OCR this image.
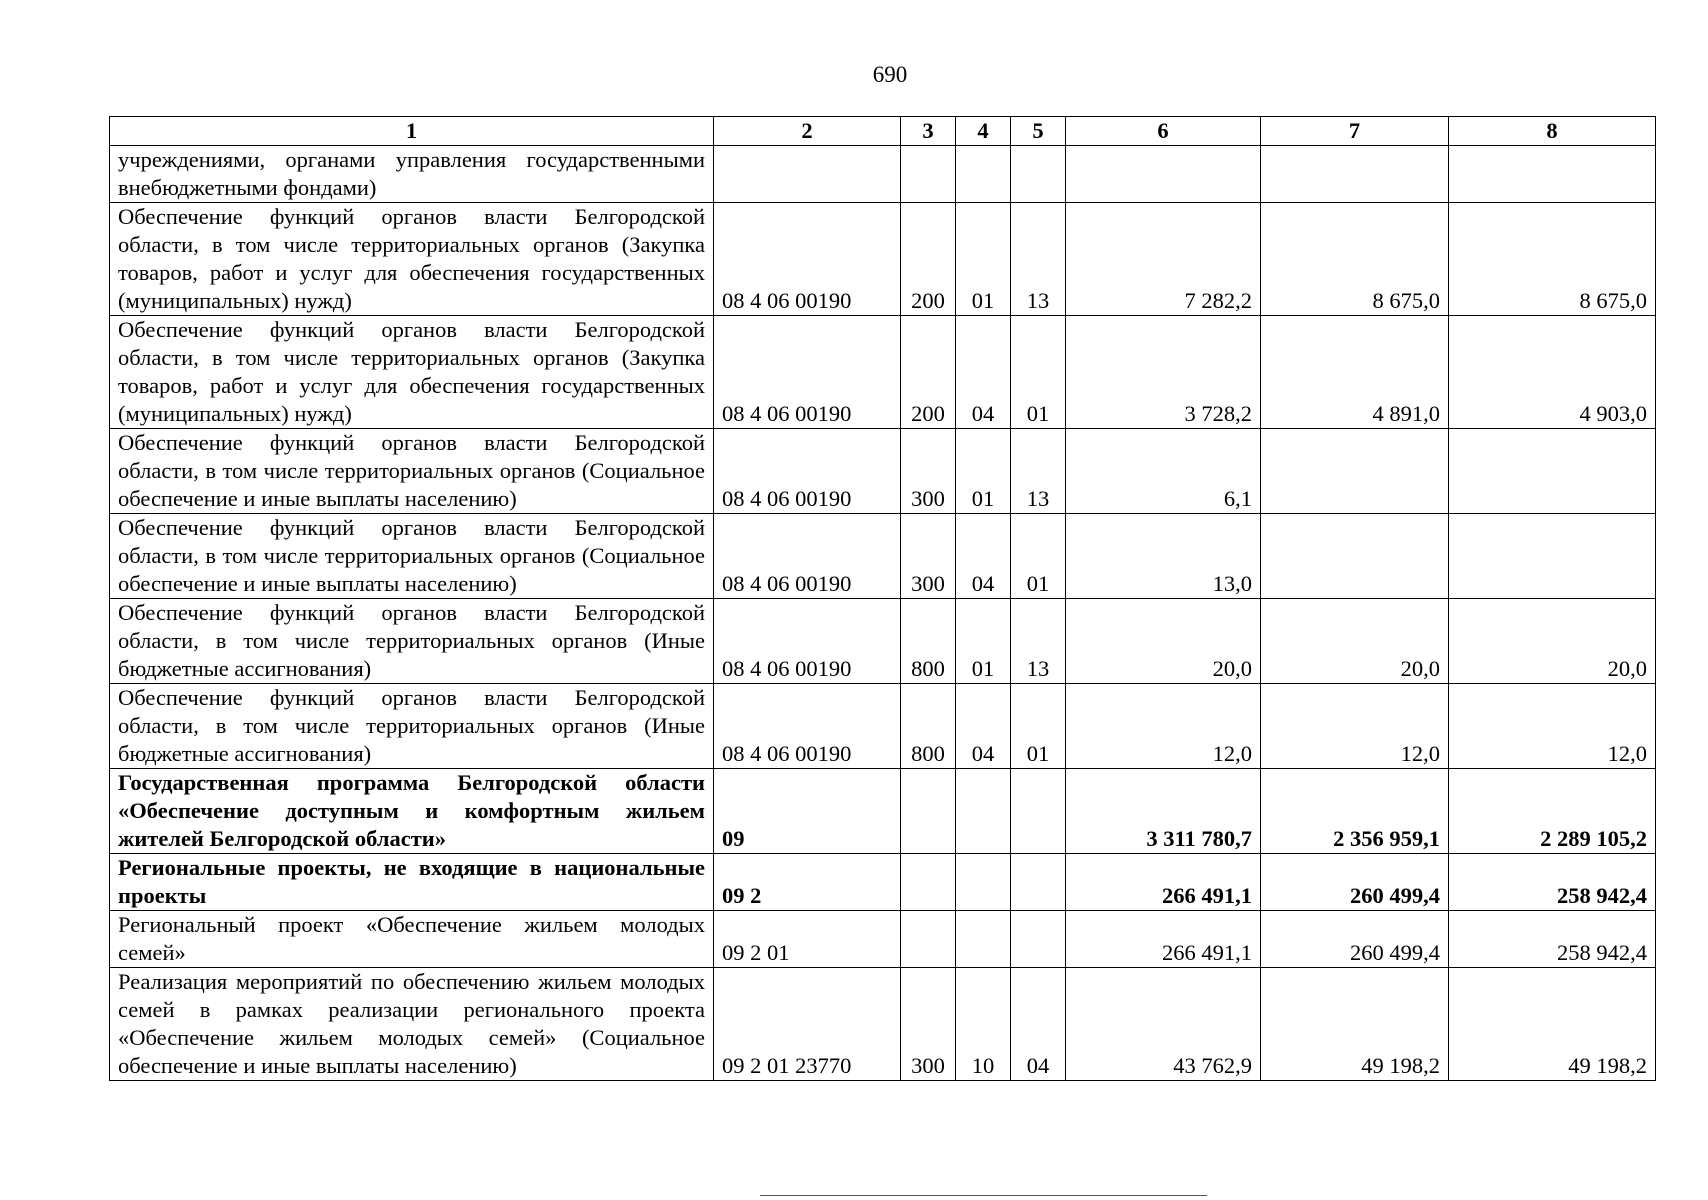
690
1	2	3	4	5	6	7	8
учреждениями, органами управления государственными внебюджетными фондами)							
Обеспечение функций органов власти Белгородской области, в том числе территориальных органов (Закупка товаров, работ и услуг для обеспечения государственных (муниципальных) нужд)	08 4 06 00190	200	01	13	7 282,2	8 675,0	8 675,0
Обеспечение функций органов власти Белгородской области, в том числе территориальных органов (Закупка товаров, работ и услуг для обеспечения государственных (муниципальных) нужд)	08 4 06 00190	200	04	01	3 728,2	4 891,0	4 903,0
Обеспечение функций органов власти Белгородской области, в том числе территориальных органов (Социальное обеспечение и иные выплаты населению)	08 4 06 00190	300	01	13	6,1		
Обеспечение функций органов власти Белгородской области, в том числе территориальных органов (Социальное обеспечение и иные выплаты населению)	08 4 06 00190	300	04	01	13,0		
Обеспечение функций органов власти Белгородской области, в том числе территориальных органов (Иные бюджетные ассигнования)	08 4 06 00190	800	01	13	20,0	20,0	20,0
Обеспечение функций органов власти Белгородской области, в том числе территориальных органов (Иные бюджетные ассигнования)	08 4 06 00190	800	04	01	12,0	12,0	12,0
Государственная программа Белгородской области «Обеспечение доступным и комфортным жильем жителей Белгородской области»	09				3 311 780,7	2 356 959,1	2 289 105,2
Региональные проекты, не входящие в национальные проекты	09 2				266 491,1	260 499,4	258 942,4
Региональный проект «Обеспечение жильем молодых семей»	09 2 01				266 491,1	260 499,4	258 942,4
Реализация мероприятий по обеспечению жильем молодых семей в рамках реализации регионального проекта «Обеспечение жильем молодых семей» (Социальное обеспечение и иные выплаты населению)	09 2 01 23770	300	10	04	43 762,9	49 198,2	49 198,2
